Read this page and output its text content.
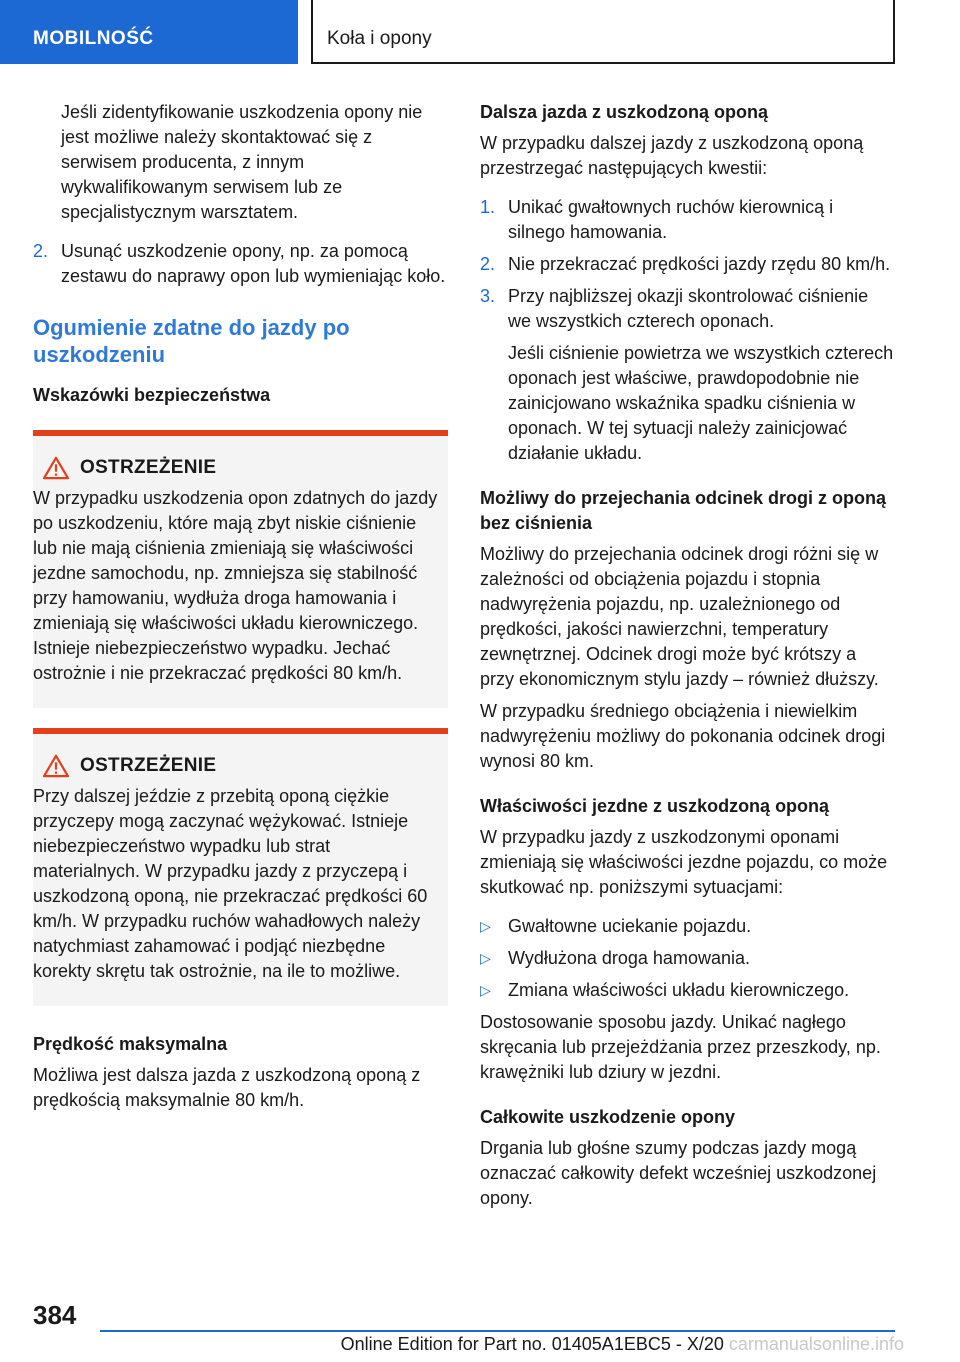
MOBILNOŚĆ	Koła i opony

Jeśli zidentyfikowanie uszkodzenia opony nie jest możliwe należy skontaktować się z serwisem producenta, z innym wykwalifikowanym serwisem lub ze specjalistycznym warsztatem.

2. Usunąć uszkodzenie opony, np. za pomocą zestawu do naprawy opon lub wymieniając koło.
Ogumienie zdatne do jazdy po uszkodzeniu
Wskazówki bezpieczeństwa
OSTRZEŻENIE

W przypadku uszkodzenia opon zdatnych do jazdy po uszkodzeniu, które mają zbyt niskie ciśnienie lub nie mają ciśnienia zmieniają się właściwości jezdne samochodu, np. zmniejsza się stabilność przy hamowaniu, wydłuża droga hamowania i zmieniają się właściwości układu kierowniczego. Istnieje niebezpieczeństwo wypadku. Jechać ostrożnie i nie przekraczać prędkości 80 km/h.

OSTRZEŻENIE

Przy dalszej jeździe z przebitą oponą ciężkie przyczepy mogą zaczynać wężykować. Istnieje niebezpieczeństwo wypadku lub strat materialnych. W przypadku jazdy z przyczepą i uszkodzoną oponą, nie przekraczać prędkości 60 km/h. W przypadku ruchów wahadłowych należy natychmiast zahamować i podjąć niezbędne korekty skrętu tak ostrożnie, na ile to możliwe.

Prędkość maksymalna

Możliwa jest dalsza jazda z uszkodzoną oponą z prędkością maksymalnie 80 km/h.

Dalsza jazda z uszkodzoną oponą

W przypadku dalszej jazdy z uszkodzoną oponą przestrzegać następujących kwestii:

1. Unikać gwałtownych ruchów kierownicą i silnego hamowania.
2. Nie przekraczać prędkości jazdy rzędu 80 km/h.
3. Przy najbliższej okazji skontrolować ciśnienie we wszystkich czterech oponach.

Jeśli ciśnienie powietrza we wszystkich czterech oponach jest właściwe, prawdopodobnie nie zainicjowano wskaźnika spadku ciśnienia w oponach. W tej sytuacji należy zainicjować działanie układu.

Możliwy do przejechania odcinek drogi z oponą bez ciśnienia

Możliwy do przejechania odcinek drogi różni się w zależności od obciążenia pojazdu i stopnia nadwyrężenia pojazdu, np. uzależnionego od prędkości, jakości nawierzchni, temperatury zewnętrznej. Odcinek drogi może być krótszy a przy ekonomicznym stylu jazdy – również dłuższy.

W przypadku średniego obciążenia i niewielkim nadwyrężeniu możliwy do pokonania odcinek drogi wynosi 80 km.

Właściwości jezdne z uszkodzoną oponą

W przypadku jazdy z uszkodzonymi oponami zmieniają się właściwości jezdne pojazdu, co może skutkować np. poniższymi sytuacjami:

▷ Gwałtowne uciekanie pojazdu.
▷ Wydłużona droga hamowania.
▷ Zmiana właściwości układu kierowniczego.

Dostosowanie sposobu jazdy. Unikać nagłego skręcania lub przejeżdżania przez przeszkody, np. krawężniki lub dziury w jezdni.

Całkowite uszkodzenie opony

Drgania lub głośne szumy podczas jazdy mogą oznaczać całkowity defekt wcześniej uszkodzonej opony.

384
Online Edition for Part no. 01405A1EBC5 - X/20 carmanualsonline.info
